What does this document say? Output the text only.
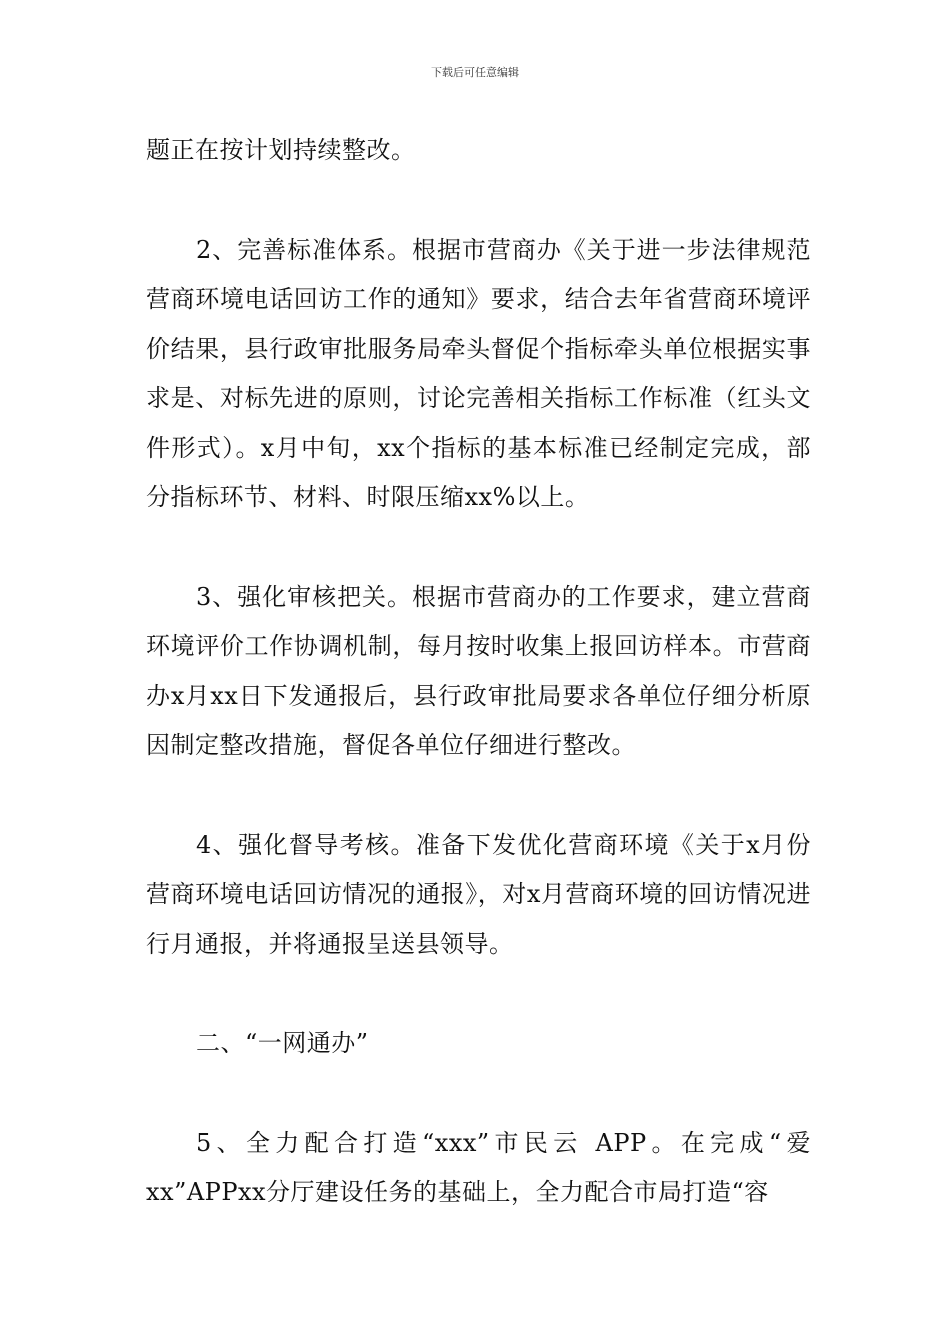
下载后可任意编辑

题正在按计划持续整改。

2、完善标准体系。根据市营商办《关于进一步法律规范营商环境电话回访工作的通知》要求，结合去年省营商环境评价结果，县行政审批服务局牵头督促个指标牵头单位根据实事求是、对标先进的原则，讨论完善相关指标工作标准（红头文件形式）。x月中旬，xx个指标的基本标准已经制定完成，部分指标环节、材料、时限压缩xx%以上。

3、强化审核把关。根据市营商办的工作要求，建立营商环境评价工作协调机制，每月按时收集上报回访样本。市营商办x月xx日下发通报后，县行政审批局要求各单位仔细分析原因制定整改措施，督促各单位仔细进行整改。

4、强化督导考核。准备下发优化营商环境《关于x月份营商环境电话回访情况的通报》，对x月营商环境的回访情况进行月通报，并将通报呈送县领导。

二、“一网通办”

5、全力配合打造“xxx”市民云 APP。在完成“爱xx”APPxx分厅建设任务的基础上，全力配合市局打造“容
